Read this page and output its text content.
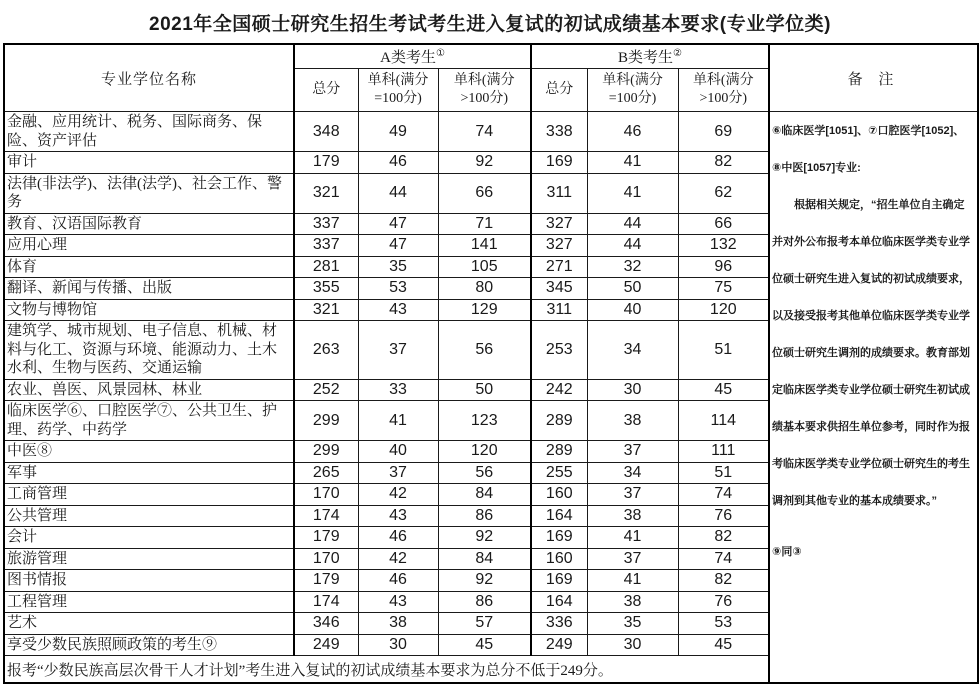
2021年全国硕士研究生招生考试考生进入复试的初试成绩基本要求(专业学位类)
专业学位名称	A类考生①			B类考生②			备 注
	总分	单科(满分 =100分)	单科(满分 >100分)	总分	单科(满分 =100分)	单科(满分 >100分)	
金融、应用统计、税务、国际商务、保险、资产评估	348	49	74	338	46	69	⑥临床医学[1051]、⑦口腔医学[1052]、
⑧中医[1057]专业:
　　根据相关规定，“招生单位自主确定
并对外公布报考本单位临床医学类专业学
位硕士研究生进入复试的初试成绩要求，
以及接受报考其他单位临床医学类专业学
位硕士研究生调剂的成绩要求。教育部划
定临床医学类专业学位硕士研究生初试成
绩基本要求供招生单位参考，同时作为报
考临床医学类专业学位硕士研究生的考生
调剂到其他专业的基本成绩要求。”
⑨同③

审计	179	46	92	169	41	82	
法律(非法学)、法律(法学)、社会工作、警务	321	44	66	311	41	62	
教育、汉语国际教育	337	47	71	327	44	66	
应用心理	337	47	141	327	44	132	
体育	281	35	105	271	32	96	
翻译、新闻与传播、出版	355	53	80	345	50	75	
文物与博物馆	321	43	129	311	40	120	
建筑学、城市规划、电子信息、机械、材料与化工、资源与环境、能源动力、土木水利、生物与医药、交通运输	263	37	56	253	34	51	
农业、兽医、风景园林、林业	252	33	50	242	30	45	
临床医学⑥、口腔医学⑦、公共卫生、护理、药学、中药学	299	41	123	289	38	114	
中医⑧	299	40	120	289	37	111	
军事	265	37	56	255	34	51	
工商管理	170	42	84	160	37	74	
公共管理	174	43	86	164	38	76	
会计	179	46	92	169	41	82	
旅游管理	170	42	84	160	37	74	
图书情报	179	46	92	169	41	82	
工程管理	174	43	86	164	38	76	
艺术	346	38	57	336	35	53	
享受少数民族照顾政策的考生⑨	249	30	45	249	30	45	
报考“少数民族高层次骨干人才计划”考生进入复试的初试成绩基本要求为总分不低于249分。							
